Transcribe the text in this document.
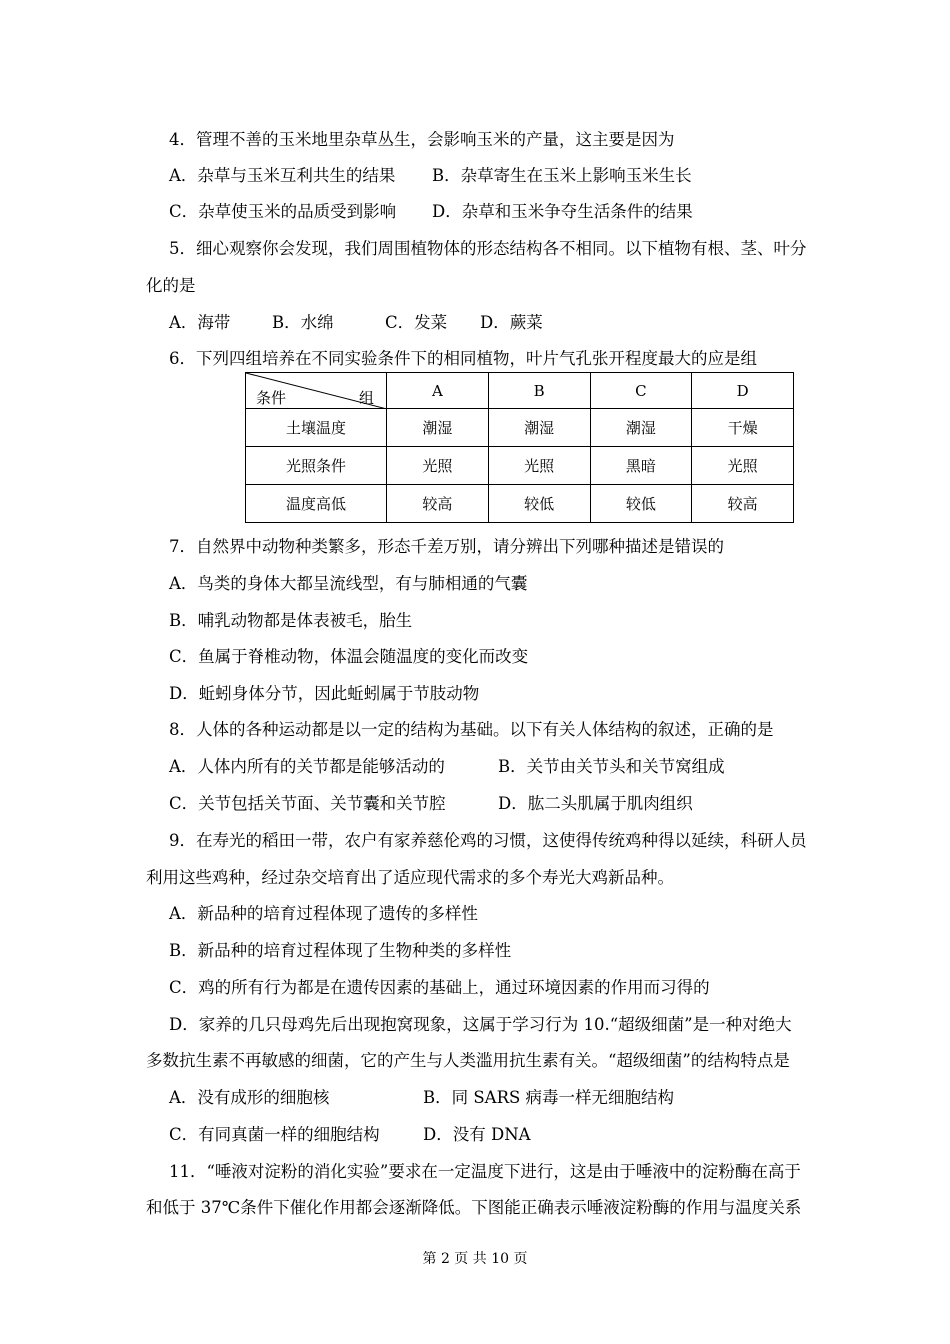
4．管理不善的玉米地里杂草丛生，会影响玉米的产量，这主要是因为
A．杂草与玉米互利共生的结果 B．杂草寄生在玉米上影响玉米生长
C．杂草使玉米的品质受到影响 D．杂草和玉米争夺生活条件的结果
5．细心观察你会发现，我们周围植物体的形态结构各不相同。以下植物有根、茎、叶分
化的是
A．海带	B．水绵	C．发菜 D．蕨菜
6．下列四组培养在不同实验条件下的相同植物，叶片气孔张开程度最大的应是组
条件 组	A	B	C	D
土壤温度	潮湿	潮湿	潮湿	干燥
光照条件	光照	光照	黑暗	光照
温度高低	较高	较低	较低	较高
7．自然界中动物种类繁多，形态千差万别，请分辨出下列哪种描述是错误的
A．鸟类的身体大都呈流线型，有与肺相通的气囊
B．哺乳动物都是体表被毛，胎生
C．鱼属于脊椎动物，体温会随温度的变化而改变
D．蚯蚓身体分节，因此蚯蚓属于节肢动物
8．人体的各种运动都是以一定的结构为基础。以下有关人体结构的叙述，正确的是
A．人体内所有的关节都是能够活动的	B．关节由关节头和关节窝组成
C．关节包括关节面、关节囊和关节腔	D．肱二头肌属于肌肉组织
9．在寿光的稻田一带，农户有家养慈伦鸡的习惯，这使得传统鸡种得以延续，科研人员
利用这些鸡种，经过杂交培育出了适应现代需求的多个寿光大鸡新品种。
A．新品种的培育过程体现了遗传的多样性
B．新品种的培育过程体现了生物种类的多样性
C．鸡的所有行为都是在遗传因素的基础上，通过环境因素的作用而习得的
D．家养的几只母鸡先后出现抱窝现象，这属于学习行为 10.“超级细菌”是一种对绝大
多数抗生素不再敏感的细菌，它的产生与人类滥用抗生素有关。“超级细菌”的结构特点是
A．没有成形的细胞核	B．同 SARS 病毒一样无细胞结构
C．有同真菌一样的细胞结构	D．没有 DNA
11．“唾液对淀粉的消化实验”要求在一定温度下进行，这是由于唾液中的淀粉酶在高于
和低于 37℃条件下催化作用都会逐渐降低。下图能正确表示唾液淀粉酶的作用与温度关系
第 2 页 共 10 页
